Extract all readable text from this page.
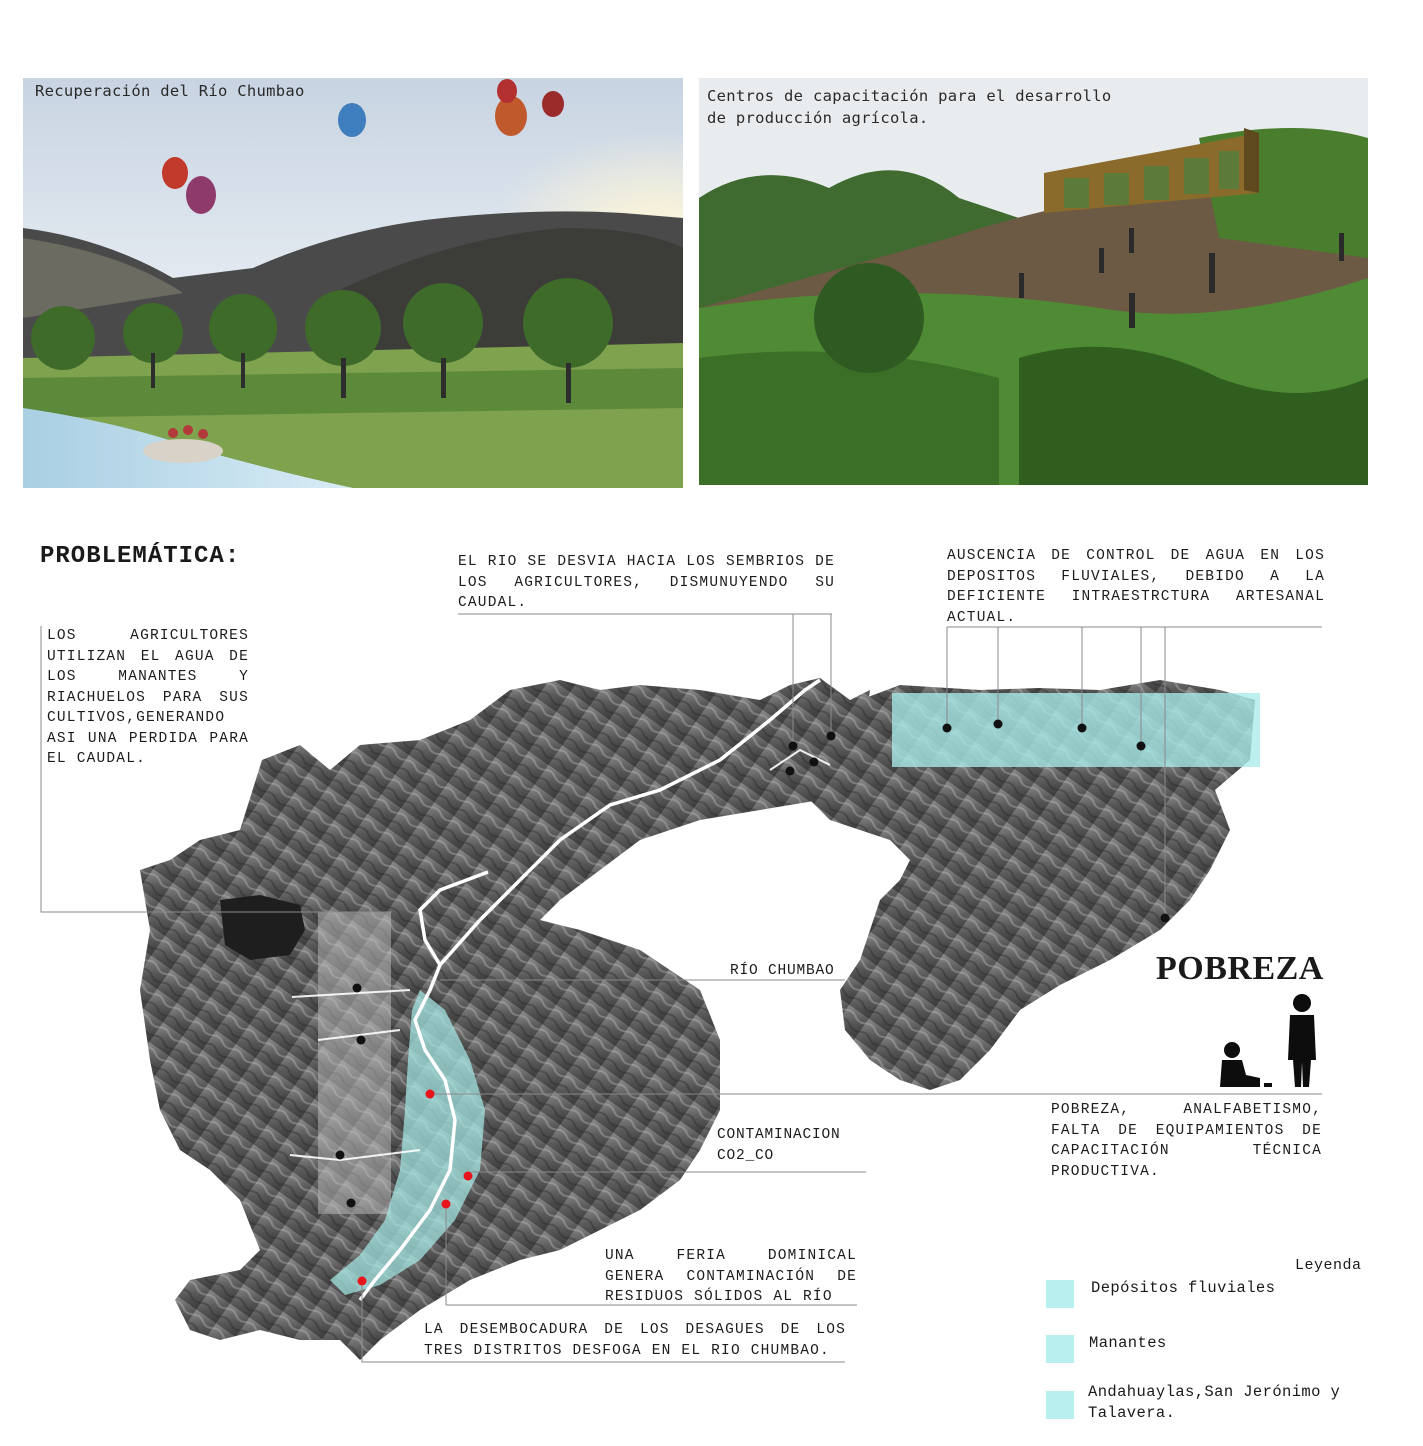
Recuperación del Río Chumbao	Centros de capacitación para el desarrollo
de producción agrícola.
PROBLEMÁTICA:
LOS AGRICULTORES UTILIZAN EL AGUA DE LOS MANANTES Y RIACHUELOS PARA SUS CULTIVOS,GENERANDO ASI UNA PERDIDA PARA EL CAUDAL.
EL RIO SE DESVIA HACIA LOS SEMBRIOS DE LOS AGRICULTORES, DISMUNUYENDO SU CAUDAL.
AUSCENCIA DE CONTROL DE AGUA EN LOS DEPOSITOS FLUVIALES, DEBIDO A LA DEFICIENTE INTRAESTRCTURA ARTESANAL ACTUAL.
RÍO CHUMBAO
CONTAMINACION
CO2_CO
UNA FERIA DOMINICAL GENERA CONTAMINACIÓN DE RESIDUOS SÓLIDOS AL RÍO
LA DESEMBOCADURA DE LOS DESAGUES DE LOS TRES DISTRITOS DESFOGA EN EL RIO CHUMBAO.
POBREZA
POBREZA, ANALFABETISMO, FALTA DE EQUIPAMIENTOS DE CAPACITACIÓN TÉCNICA PRODUCTIVA.
Leyenda
Depósitos fluviales
Manantes
Andahuaylas,San Jerónimo y Talavera.
